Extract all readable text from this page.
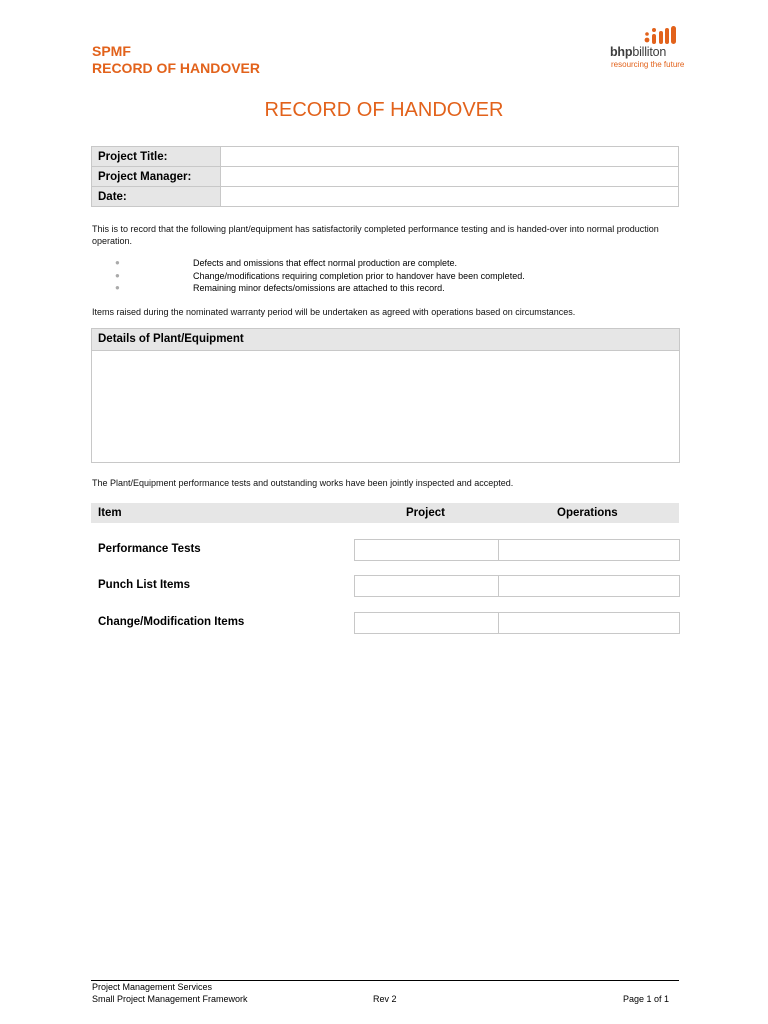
SPMF
RECORD OF HANDOVER
bhpbilliton
resourcing the future
RECORD OF HANDOVER
Project Title:	
Project Manager:	
Date:	
This is to record that the following plant/equipment has satisfactorily completed performance testing and is handed-over into normal production operation.
●	Defects and omissions that effect normal production are complete.
●	Change/modifications requiring completion prior to handover have been completed.
●	Remaining minor defects/omissions are attached to this record.
Items raised during the nominated warranty period will be undertaken as agreed with operations based on circumstances.
Details of Plant/Equipment
The Plant/Equipment performance tests and outstanding works have been jointly inspected and accepted.
Item	Project	Operations
Performance Tests
Punch List Items
Change/Modification Items
Project Management Services
Small Project Management Framework	Rev 2	Page 1 of 1
